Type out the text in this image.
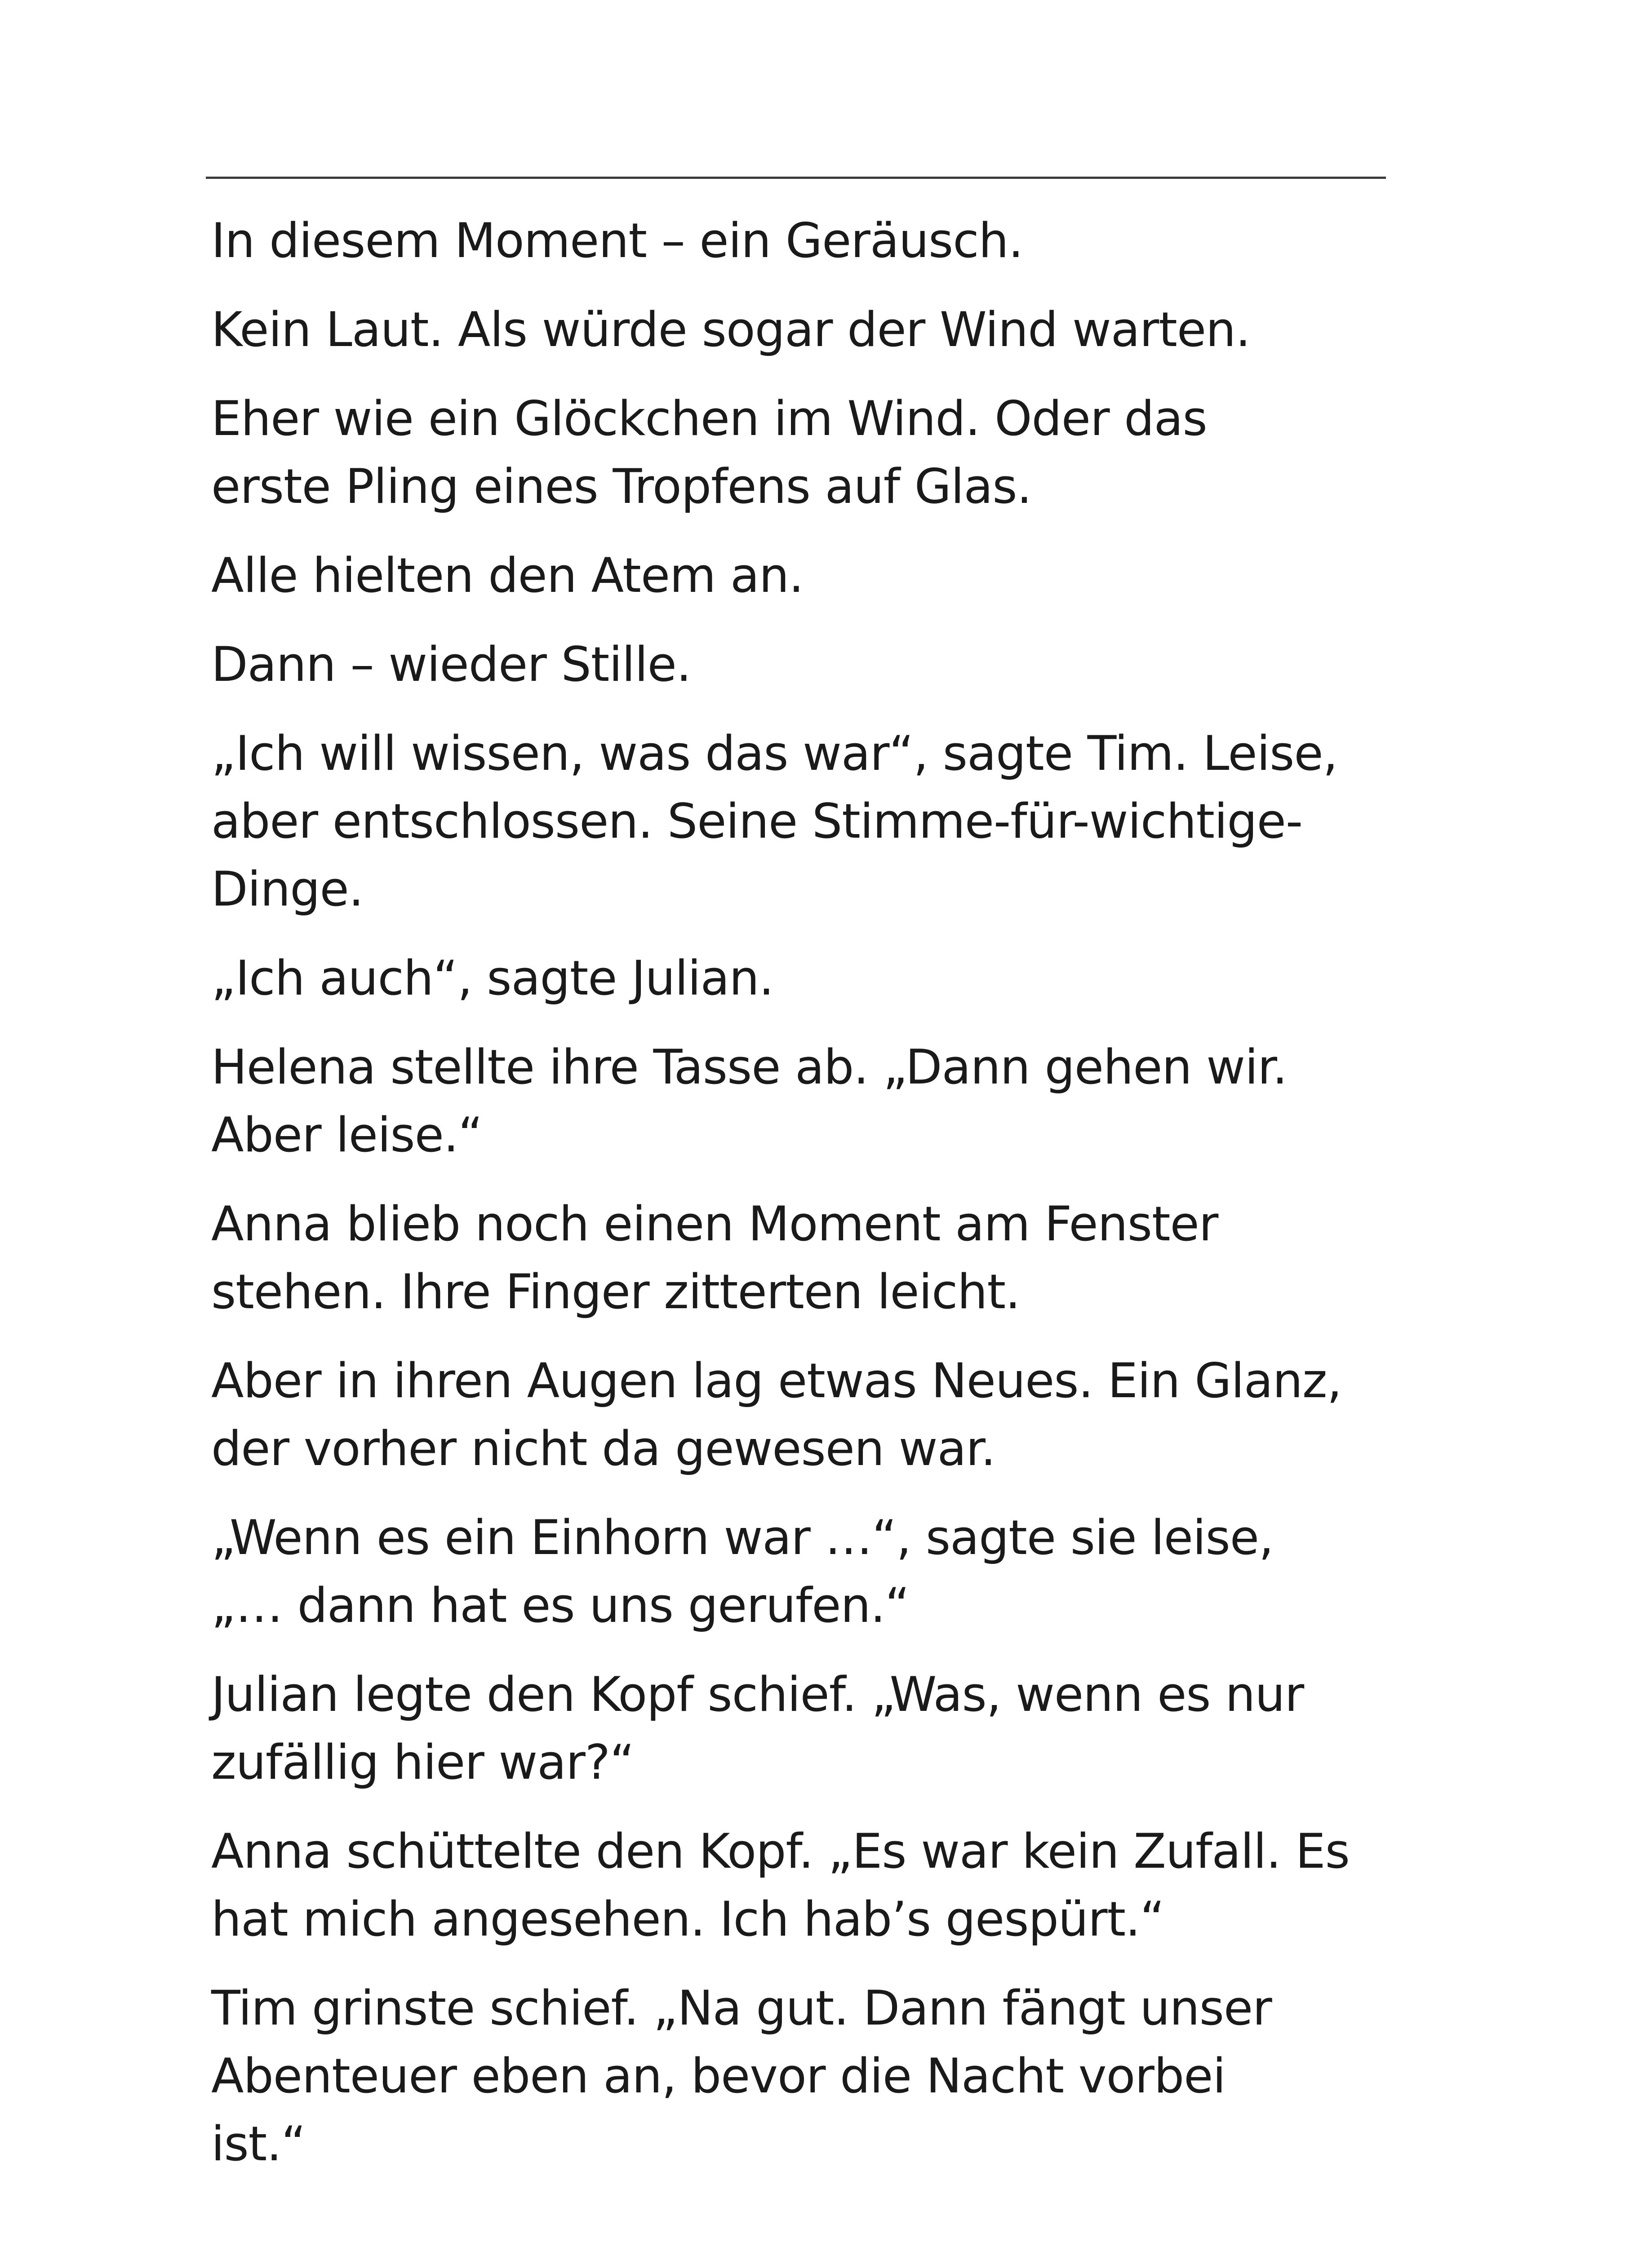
In diesem Moment – ein Geräusch.

Kein Laut. Als würde sogar der Wind warten.

Eher wie ein Glöckchen im Wind. Oder das
erste Pling eines Tropfens auf Glas.

Alle hielten den Atem an.

Dann – wieder Stille.

„Ich will wissen, was das war“, sagte Tim. Leise,
aber entschlossen. Seine Stimme-für-wichtige-
Dinge.

„Ich auch“, sagte Julian.

Helena stellte ihre Tasse ab. „Dann gehen wir.
Aber leise.“

Anna blieb noch einen Moment am Fenster
stehen. Ihre Finger zitterten leicht.

Aber in ihren Augen lag etwas Neues. Ein Glanz,
der vorher nicht da gewesen war.

„Wenn es ein Einhorn war …“, sagte sie leise,
„… dann hat es uns gerufen.“

Julian legte den Kopf schief. „Was, wenn es nur
zufällig hier war?“

Anna schüttelte den Kopf. „Es war kein Zufall. Es
hat mich angesehen. Ich hab’s gespürt.“

Tim grinste schief. „Na gut. Dann fängt unser
Abenteuer eben an, bevor die Nacht vorbei
ist.“
